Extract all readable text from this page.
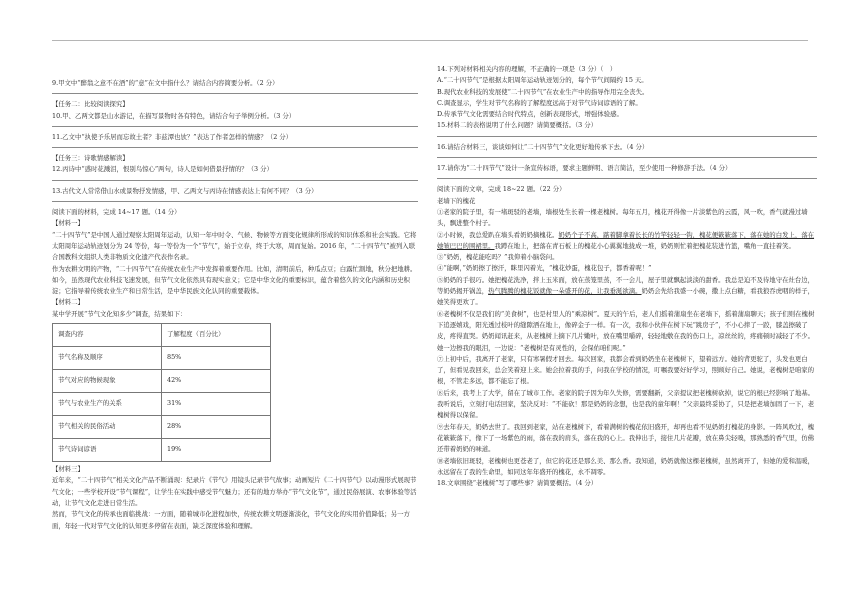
9.甲文中“醉翁之意不在酒”的“意”在文中指什么？请结合内容简要分析。（2 分）

【任务二：比较阅读探究】

10.甲、乙两文都是山水游记，在描写景物时各有特色，请结合句子举例分析。（3 分）

11.乙文中“执使予乐居而忘故土者？非兹潭也欤？”表达了作者怎样的情感？（2 分）

【任务三：诗歌情感解读】

12.丙诗中“惑时花溅泪，恨别鸟惊心”两句，诗人是如何借景抒情的？（3 分）

13.古代文人常常借山水或景物抒发情感，甲、乙两文与丙诗在情感表达上有何不同？（3 分）

阅读下面的材料，完成 14~17 题。（14 分）

【材料一】

“二十四节气”是中国人通过观察太阳周年运动，认知一年中时令、气候、物候等方面变化规律所形成的知识体系和社会实践。它将太阳周年运动轨迹划分为 24 等份，每一等份为一个“节气”，始于立春，终于大寒，周而复始。2016 年，“二十四节气”被列入联合国教科文组织人类非物质文化遗产代表作名录。

作为农耕文明的产物，“二十四节气”在传统农业生产中发挥着重要作用。比如，清明前后，种瓜点豆；白露忙割地，秋分把地耕。如今，虽然现代农业科技飞速发展，但节气文化依然具有现实意义；它是中华文化的重要标识，蕴含着悠久的文化内涵和历史积淀；它指导着传统农业生产和日常生活，是中华民族文化认同的重要载体。

【材料二】

某中学开展“节气文化知多少”调查，结果如下：

调查内容	了解程度（百分比）
节气名称及顺序	85%
节气对应的物候现象	42%
节气与农业生产的关系	31%
节气相关的民俗活动	28%
节气诗词谚语	19%

【材料三】

近年来，“二十四节气”相关文化产品不断涌现：纪录片《节气》用镜头记录节气故事；动画短片《二十四节气》以动漫形式展现节气文化；一些学校开设“节气课程”，让学生在实践中感受节气魅力；还有的地方举办“节气文化节”，通过民俗展演、农事体验等活动，让节气文化走进日常生活。

然而，节气文化的传承也面临挑战：一方面，随着城市化进程加快，传统农耕文明逐渐淡化，节气文化的实用价值降低；另一方面，年轻一代对节气文化的认知更多停留在表面，缺乏深度体验和理解。

14.下列对材料相关内容的理解，不正确的一项是（3 分）（　）

A.“二十四节气”是根据太阳周年运动轨迹划分的，每个节气间隔约 15 天。

B.现代农业科技的发展使“二十四节气”在农业生产中的指导作用完全丧失。

C.调查显示，学生对节气名称的了解程度远高于对节气诗词谚语的了解。

D.传承节气文化需要结合时代特点，创新表现形式，增强体验感。

15.材料二的表格说明了什么问题？请简要概括。（3 分）

16.请结合材料三，谈谈如何让“二十四节气”文化更好地传承下去。（4 分）

17.请你为“二十四节气”设计一条宣传标语，要求主题鲜明、语言简洁，至少使用一种修辞手法。（4 分）

阅读下面的文章，完成 18~22 题。（22 分）

老墙下的槐花

①老家的院子里，有一堵斑驳的老墙，墙根处生长着一棵老槐树。每年五月，槐花开得像一片淡紫色的云霞，风一吹，香气就漫过墙头，飘进整个村子。

②小时候，我总爱趴在墙头看奶奶摘槐花。奶奶个子不高，踮着脚拿着长长的竹竿轻轻一钩，槐花便簌簌落下，落在她的白发上，落在她皱巴巴的围裙里。我蹲在地上，把落在青石板上的槐花小心翼翼地拢成一堆，奶奶则忙着把槐花装进竹篮，嘴角一直挂着笑。

③“奶奶，槐花能吃吗？”我仰着小脑袋问。

④“能啊，”奶奶擦了擦汗，眯里闪着光，“槐花炒蛋，槐花包子，都香着呢！”

⑤奶奶的手很巧。她把槐花洗净，拌上玉米面，放在蒸笼里蒸，不一会儿，屋子里就飘起淡淡的甜香。我总是迫不及待地守在灶台边，等奶奶揭开锅盖，热气腾腾的槐花饭就像一朵盛开的花，让我垂涎欲滴。奶奶会先给我盛一小碗，撒上点白糖，看我狼吞虎咽的样子，她笑得更欢了。

⑥老槐树不仅是我们的“美食树”，也是村里人的“乘凉树”。夏天的午后，老人们摇着蒲扇坐在老墙下，摇着蒲扇聊天；孩子们则在槐树下追逐嬉戏，阳光透过枝叶的缝隙洒在地上，像碎金子一样。有一次，我和小伙伴在树下玩“跳房子”，不小心摔了一跤，膝盖擦破了皮，疼得直哭。奶奶闻讯赶来，从老槐树上摘下几片嫩叶，放在嘴里嚼碎，轻轻地敷在我的伤口上，凉丝丝的，疼痛顿时减轻了不少。她一边擦我的眼泪，一边说：“老槐树是有灵性的，会保佑咱们呢。”

⑦上初中后，我离开了老家，只有寒暑假才回去。每次回家，我都会看到奶奶坐在老槐树下，望着远方。她的背更驼了，头发也更白了，但看见我回来，总会笑着迎上来。她会拉着我的手，问我在学校的情况，叮嘱我要好好学习，照顾好自己。她说，老槐树是咱家的根，不管走多远，都不能忘了根。

⑧后来，我考上了大学，留在了城市工作。老家的院子因为年久失修，需要翻新，父亲提议把老槐树砍掉，说它的根已经影响了地基。我听说后，立刻打电话回家，坚决反对：“不能砍！那是奶奶的念想，也是我的童年啊！”父亲最终妥协了，只是把老墙加固了一下，老槐树得以保留。

⑨去年春天，奶奶去世了。我回到老家，站在老槐树下，看着满树的槐花依旧盛开，却再也看不见奶奶打槐花的身影。一阵风吹过，槐花簌簌落下，像下了一场紫色的雨，落在我的肩头，落在我的心上。我伸出手，接住几片花瓣，放在鼻尖轻嗅，那熟悉的香气里，仿佛还带着奶奶的味道。

⑩老墙依旧斑驳，老槐树也更苍老了，但它的花还是那么美、那么香。我知道，奶奶就像这棵老槐树，虽然离开了，但她的爱和温暖，永远留在了我的生命里，如同这年年盛开的槐花，永不凋零。

18.文章围绕“老槐树”写了哪些事？请简要概括。（4 分）
